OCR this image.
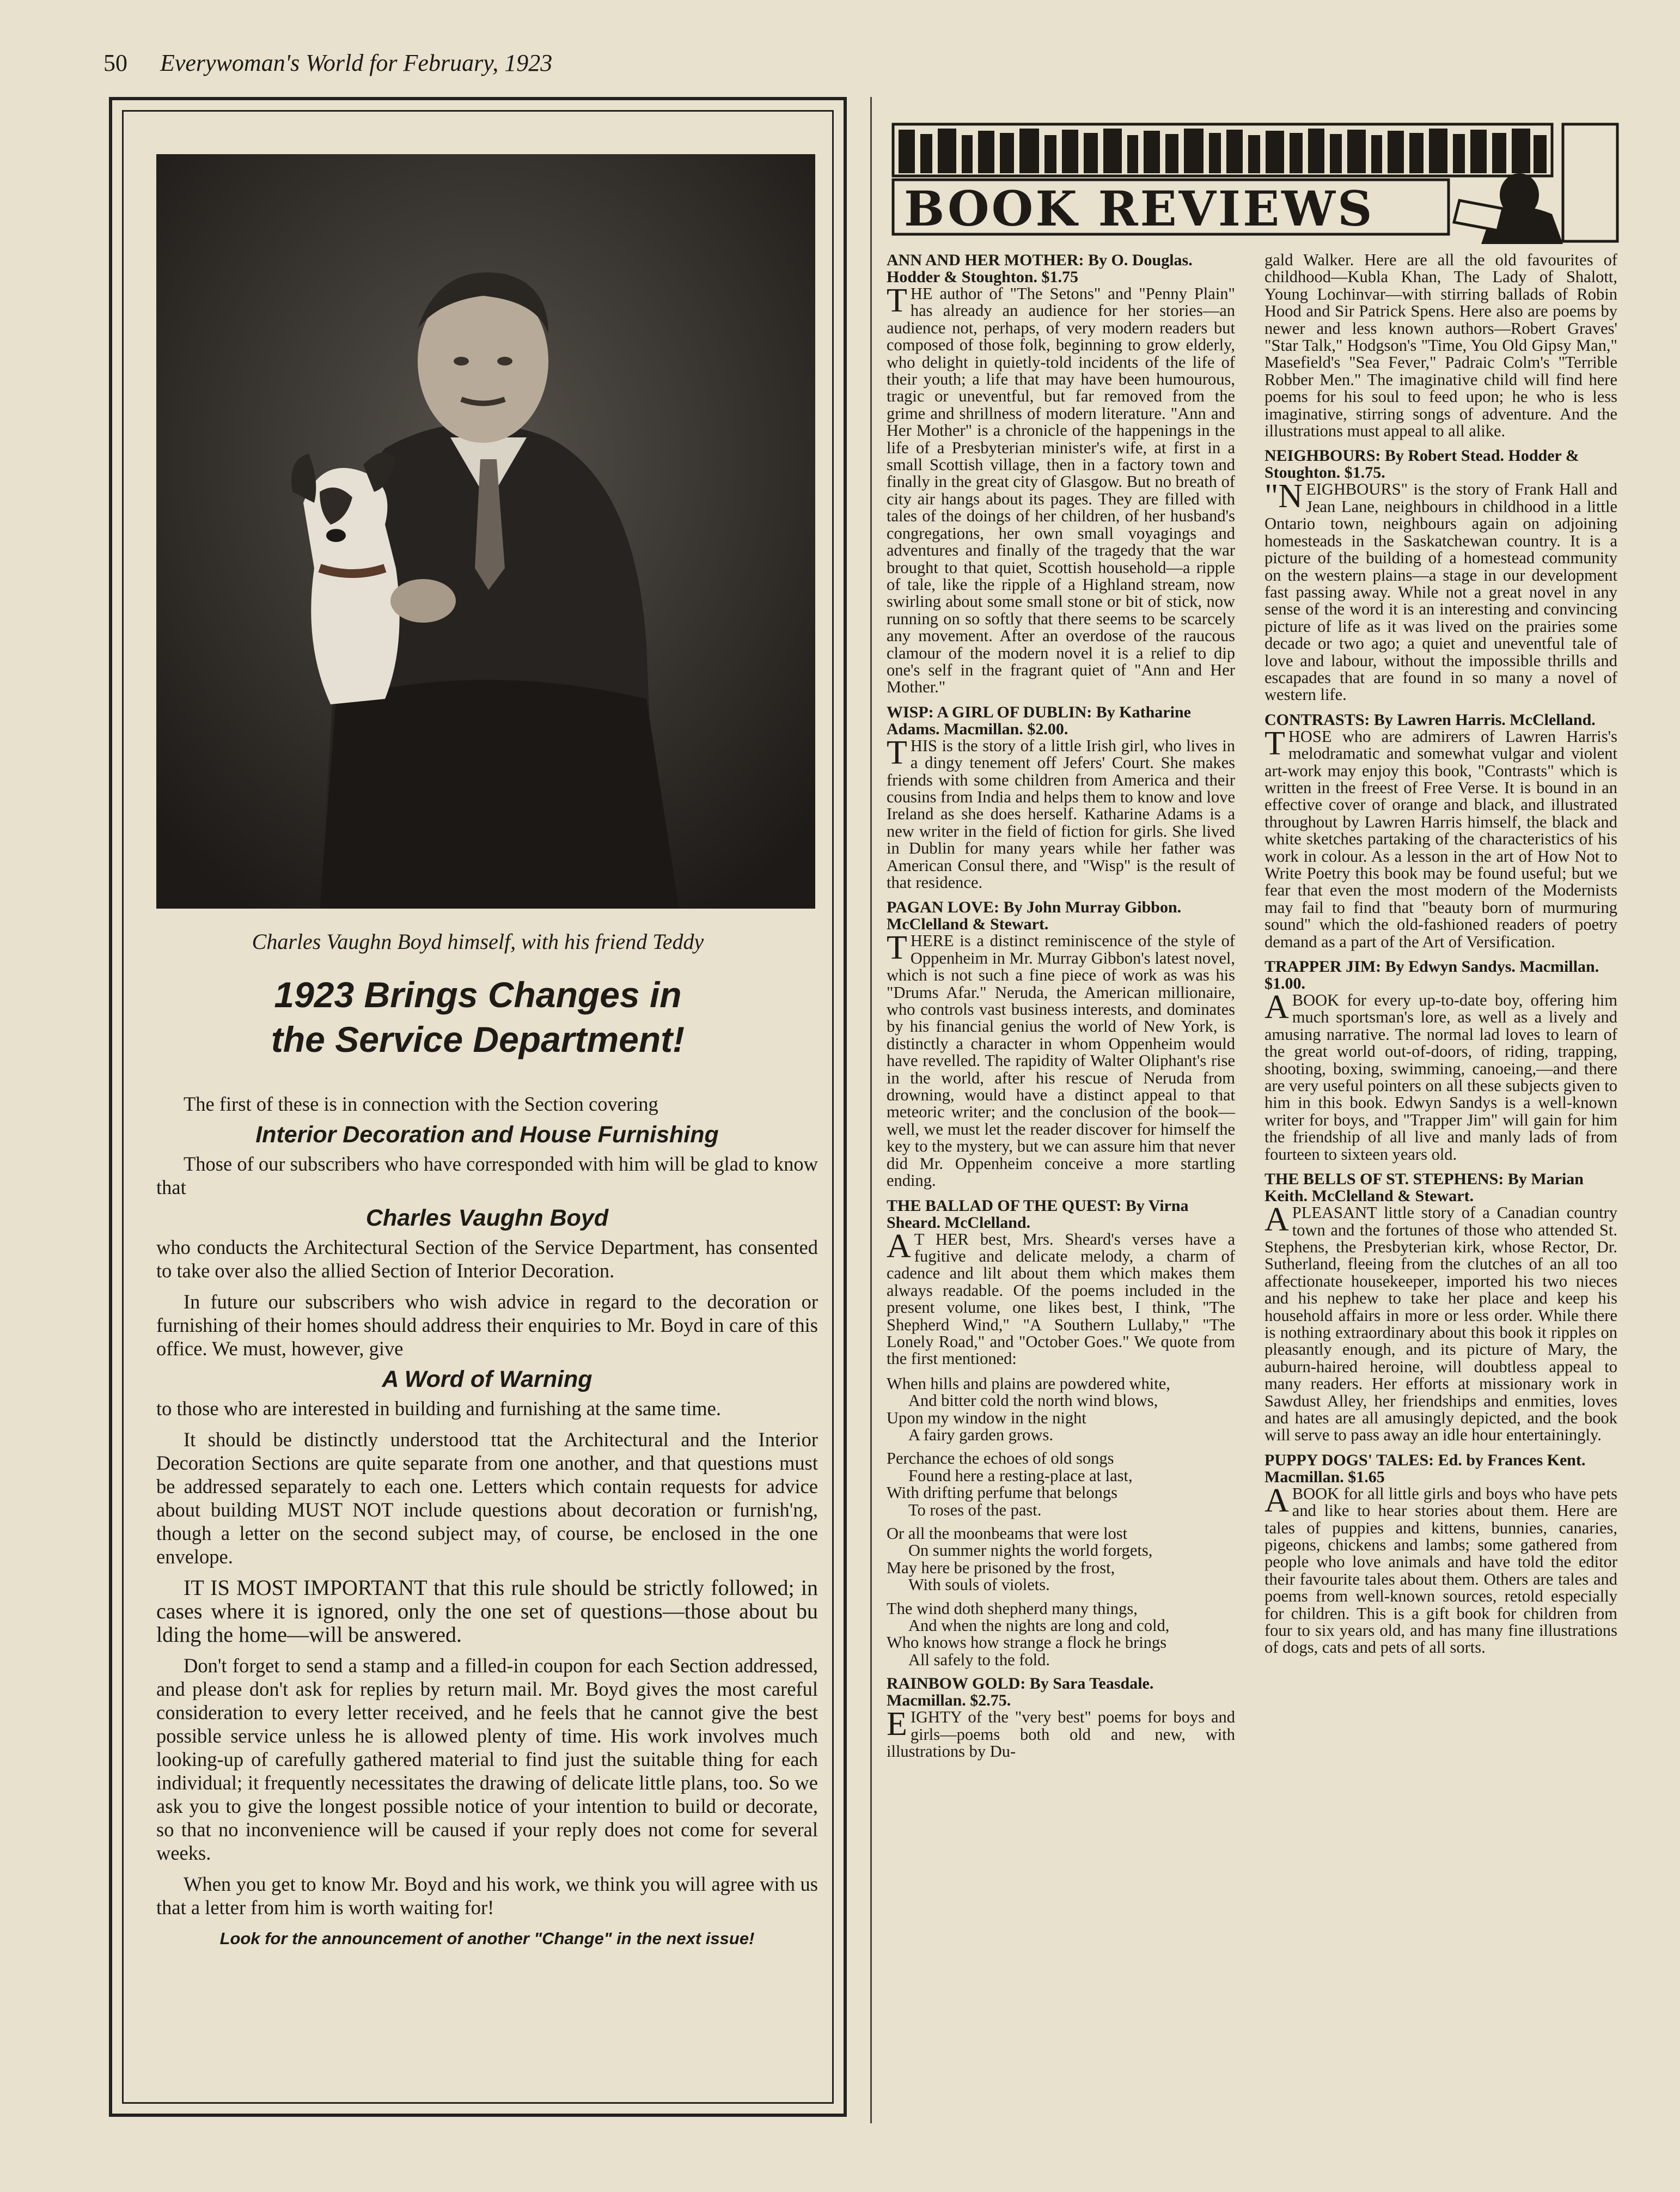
50 Everywoman's World for February, 1923
Charles Vaughn Boyd himself, with his friend Teddy
1923 Brings Changes in
the Service Department!

The first of these is in connection with the Section covering

Interior Decoration and House Furnishing

Those of our subscribers who have corresponded with him will be glad to know that

Charles Vaughn Boyd

who conducts the Architectural Section of the Service Department, has consented to take over also the allied Section of Interior Decoration.

In future our subscribers who wish advice in regard to the decoration or furnishing of their homes should address their enquiries to Mr. Boyd in care of this office. We must, however, give

A Word of Warning

to those who are interested in building and furnishing at the same time.

It should be distinctly understood ttat the Architectural and the Interior Decoration Sections are quite separate from one another, and that questions must be addressed separately to each one. Letters which contain requests for advice about building MUST NOT include questions about decoration or furnish'ng, though a letter on the second subject may, of course, be enclosed in the one envelope.

IT IS MOST IMPORTANT that this rule should be strictly followed; in cases where it is ignored, only the one set of questions—those about bu lding the home—will be answered.

Don't forget to send a stamp and a filled-in coupon for each Section addressed, and please don't ask for replies by return mail. Mr. Boyd gives the most careful consideration to every letter received, and he feels that he cannot give the best possible service unless he is allowed plenty of time. His work involves much looking-up of carefully gathered material to find just the suitable thing for each individual; it frequently necessitates the drawing of delicate little plans, too. So we ask you to give the longest possible notice of your intention to build or decorate, so that no inconvenience will be caused if your reply does not come for several weeks.

When you get to know Mr. Boyd and his work, we think you will agree with us that a letter from him is worth waiting for!

Look for the announcement of another "Change" in the next issue!

BOOK REVIEWS
ANN AND HER MOTHER: By O. Douglas. Hodder & Stoughton. $1.75

THE author of "The Setons" and "Penny Plain" has already an audience for her stories—an audience not, perhaps, of very modern readers but composed of those folk, beginning to grow elderly, who delight in quietly-told incidents of the life of their youth; a life that may have been humourous, tragic or uneventful, but far removed from the grime and shrillness of modern literature. "Ann and Her Mother" is a chronicle of the happenings in the life of a Presbyterian minister's wife, at first in a small Scottish village, then in a factory town and finally in the great city of Glasgow. But no breath of city air hangs about its pages. They are filled with tales of the doings of her children, of her husband's congregations, her own small voyagings and adventures and finally of the tragedy that the war brought to that quiet, Scottish household—a ripple of tale, like the ripple of a Highland stream, now swirling about some small stone or bit of stick, now running on so softly that there seems to be scarcely any movement. After an overdose of the raucous clamour of the modern novel it is a relief to dip one's self in the fragrant quiet of "Ann and Her Mother."

WISP: A GIRL OF DUBLIN: By Katharine Adams. Macmillan. $2.00.

THIS is the story of a little Irish girl, who lives in a dingy tenement off Jefers' Court. She makes friends with some children from America and their cousins from India and helps them to know and love Ireland as she does herself. Katharine Adams is a new writer in the field of fiction for girls. She lived in Dublin for many years while her father was American Consul there, and "Wisp" is the result of that residence.

PAGAN LOVE: By John Murray Gibbon. McClelland & Stewart.

THERE is a distinct reminiscence of the style of Oppenheim in Mr. Murray Gibbon's latest novel, which is not such a fine piece of work as was his "Drums Afar." Neruda, the American millionaire, who controls vast business interests, and dominates by his financial genius the world of New York, is distinctly a character in whom Oppenheim would have revelled. The rapidity of Walter Oliphant's rise in the world, after his rescue of Neruda from drowning, would have a distinct appeal to that meteoric writer; and the conclusion of the book—well, we must let the reader discover for himself the key to the mystery, but we can assure him that never did Mr. Oppenheim conceive a more startling ending.

THE BALLAD OF THE QUEST: By Virna Sheard. McClelland.

A T HER best, Mrs. Sheard's verses have a fugitive and delicate melody, a charm of cadence and lilt about them which makes them always readable. Of the poems included in the present volume, one likes best, I think, "The Shepherd Wind," "A Southern Lullaby," "The Lonely Road," and "October Goes." We quote from the first mentioned:

When hills and plains are powdered white,
And bitter cold the north wind blows,
Upon my window in the night
A fairy garden grows.
Perchance the echoes of old songs
Found here a resting-place at last,
With drifting perfume that belongs
To roses of the past.
Or all the moonbeams that were lost
On summer nights the world forgets,
May here be prisoned by the frost,
With souls of violets.
The wind doth shepherd many things,
And when the nights are long and cold,
Who knows how strange a flock he brings
All safely to the fold.
RAINBOW GOLD: By Sara Teasdale. Macmillan. $2.75.

EIGHTY of the "very best" poems for boys and girls—poems both old and new, with illustrations by Du-

gald Walker. Here are all the old favourites of childhood—Kubla Khan, The Lady of Shalott, Young Lochinvar—with stirring ballads of Robin Hood and Sir Patrick Spens. Here also are poems by newer and less known authors—Robert Graves' "Star Talk," Hodgson's "Time, You Old Gipsy Man," Masefield's "Sea Fever," Padraic Colm's "Terrible Robber Men." The imaginative child will find here poems for his soul to feed upon; he who is less imaginative, stirring songs of adventure. And the illustrations must appeal to all alike.

NEIGHBOURS: By Robert Stead. Hodder & Stoughton. $1.75.

"NEIGHBOURS" is the story of Frank Hall and Jean Lane, neighbours in childhood in a little Ontario town, neighbours again on adjoining homesteads in the Saskatchewan country. It is a picture of the building of a homestead community on the western plains—a stage in our development fast passing away. While not a great novel in any sense of the word it is an interesting and convincing picture of life as it was lived on the prairies some decade or two ago; a quiet and uneventful tale of love and labour, without the impossible thrills and escapades that are found in so many a novel of western life.

CONTRASTS: By Lawren Harris. McClelland.

THOSE who are admirers of Lawren Harris's melodramatic and somewhat vulgar and violent art-work may enjoy this book, "Contrasts" which is written in the freest of Free Verse. It is bound in an effective cover of orange and black, and illustrated throughout by Lawren Harris himself, the black and white sketches partaking of the characteristics of his work in colour. As a lesson in the art of How Not to Write Poetry this book may be found useful; but we fear that even the most modern of the Modernists may fail to find that "beauty born of murmuring sound" which the old-fashioned readers of poetry demand as a part of the Art of Versification.

TRAPPER JIM: By Edwyn Sandys. Macmillan. $1.00.

A BOOK for every up-to-date boy, offering him much sportsman's lore, as well as a lively and amusing narrative. The normal lad loves to learn of the great world out-of-doors, of riding, trapping, shooting, boxing, swimming, canoeing,—and there are very useful pointers on all these subjects given to him in this book. Edwyn Sandys is a well-known writer for boys, and "Trapper Jim" will gain for him the friendship of all live and manly lads of from fourteen to sixteen years old.

THE BELLS OF ST. STEPHENS: By Marian Keith. McClelland & Stewart.

A PLEASANT little story of a Canadian country town and the fortunes of those who attended St. Stephens, the Presbyterian kirk, whose Rector, Dr. Sutherland, fleeing from the clutches of an all too affectionate housekeeper, imported his two nieces and his nephew to take her place and keep his household affairs in more or less order. While there is nothing extraordinary about this book it ripples on pleasantly enough, and its picture of Mary, the auburn-haired heroine, will doubtless appeal to many readers. Her efforts at missionary work in Sawdust Alley, her friendships and enmities, loves and hates are all amusingly depicted, and the book will serve to pass away an idle hour entertainingly.

PUPPY DOGS' TALES: Ed. by Frances Kent. Macmillan. $1.65

A BOOK for all little girls and boys who have pets and like to hear stories about them. Here are tales of puppies and kittens, bunnies, canaries, pigeons, chickens and lambs; some gathered from people who love animals and have told the editor their favourite tales about them. Others are tales and poems from well-known sources, retold especially for children. This is a gift book for children from four to six years old, and has many fine illustrations of dogs, cats and pets of all sorts.
